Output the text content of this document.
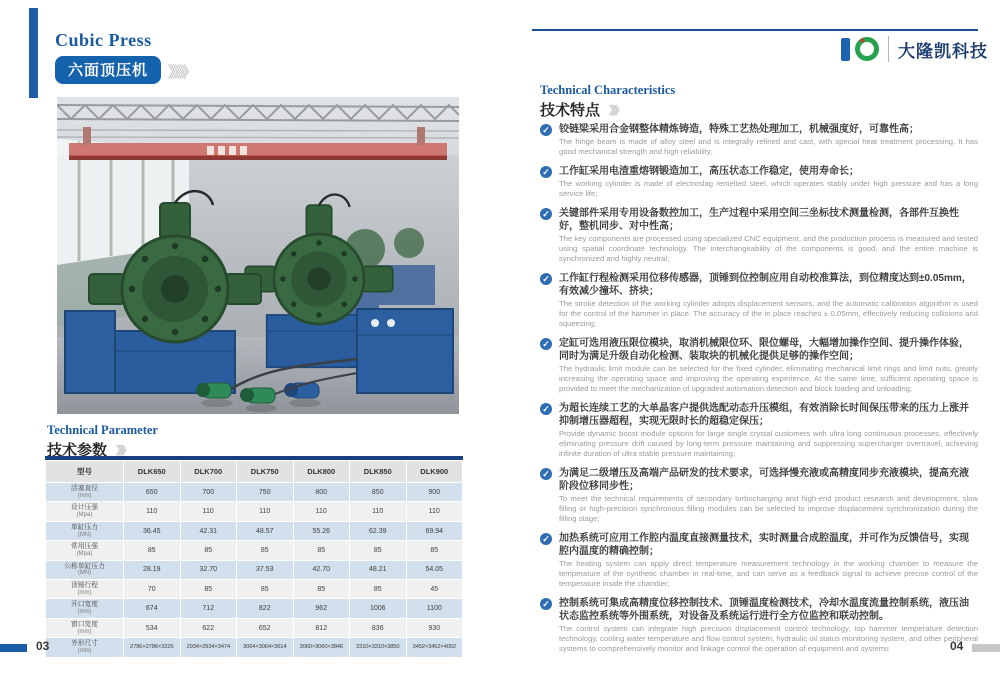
Cubic Press
六面顶压机	》》》》
Technical Parameter
技术参数 》》》
型号	DLK650	DLK700	DLK750	DLK800	DLK850	DLK900

活塞直径
(mm)	650	700	750	800	850	900

设计压强
(Mpa)	110	110	110	110	110	110

单缸压力
(MN)	36.45	42.31	48.57	55.26	62.39	69.94

常用压强
(Mpa)	85	85	85	85	85	85

公称单缸压力
(MN)	28.19	32.70	37.53	42.70	48.21	54.05

顶锤行程
(mm)	70	85	85	85	85	45

开口宽度
(mm)	674	712	822	962	1006	1100

窗口宽度
(mm)	534	622	652	812	836	930

外形尺寸
(mm)	2786×2786×3226	2934×2934×3474	3064×3064×3614	3060×3060×3846	3310×3310×3850	3452×3452×4002
03	04
✦ 大隆凯科技
Technical Characteristics
技术特点 》》》
✓ 铰链梁采用合金钢整体精炼铸造，特殊工艺热处理加工，机械强度好，可靠性高；
The hinge beam is made of alloy steel and is integrally refined and cast, with special heat treatment processing. It has good mechanical strength and high reliability;
✓ 工作缸采用电渣重熔钢锻造加工，高压状态工作稳定，使用寿命长；
The working cylinder is made of electroslag remelted steel, which operates stably under high pressure and has a long service life;
✓ 关键部件采用专用设备数控加工，生产过程中采用空间三坐标技术测量检测，各部件互换性好，整机同步、对中性高；
The key components are processed using specialized CNC equipment, and the production process is measured and tested using spatial coordinate technology. The interchangeability of the components is good, and the entire machine is synchronized and highly neutral;
✓ 工作缸行程检测采用位移传感器，顶锤到位控制应用自动校准算法，到位精度达到±0.05mm，有效减少撞坏、挤块；
The stroke detection of the working cylinder adopts displacement sensors, and the automatic calibration algorithm is used for the control of the hammer in place. The accuracy of the in place reaches ± 0.05mm, effectively reducing collisions and squeezing;
✓ 定缸可选用液压限位模块，取消机械限位环、限位螺母，大幅增加操作空间、提升操作体验，同时为满足升级自动化检测、装取块的机械化提供足够的操作空间；
The hydraulic limit module can be selected for the fixed cylinder, eliminating mechanical limit rings and limit nuts, greatly increasing the operating space and improving the operating experience. At the same time, sufficient operating space is provided to meet the mechanization of upgraded automation detection and block loading and unloading;
✓ 为超长连续工艺的大单晶客户提供选配动态升压模组，有效消除长时间保压带来的压力上涨并抑制增压器超程，实现无限时长的超稳定保压；
Provide dynamic boost module options for large single crystal customers with ultra long continuous processes, effectively eliminating pressure drift caused by long-term pressure maintaining and suppressing supercharger overtravel, achieving infinite duration of ultra stable pressure maintaining;
✓ 为满足二级增压及高端产品研发的技术要求，可选择慢充液或高精度同步充液模块，提高充液阶段位移同步性；
To meet the technical requirements of secondary turbocharging and high-end product research and development, slow filling or high-precision synchronous filling modules can be selected to improve displacement synchronization during the filling stage;
✓ 加热系统可应用工作腔内温度直接测量技术，实时测量合成腔温度，并可作为反馈信号，实现腔内温度的精确控制；
The heating system can apply direct temperature measurement technology in the working chamber to measure the temperature of the synthetic chamber in real-time, and can serve as a feedback signal to achieve precise control of the temperature inside the chamber;
✓ 控制系统可集成高精度位移控制技术、顶锤温度检测技术，冷却水温度流量控制系统，液压油状态监控系统等外围系统，对设备及系统运行进行全方位监控和联动控制。
The control system can integrate high precision displacement control technology, top hammer temperature detection technology, cooling water temperature and flow control system, hydraulic oil status monitoring system, and other peripheral systems to comprehensively monitor and linkage control the operation of equipment and systems
